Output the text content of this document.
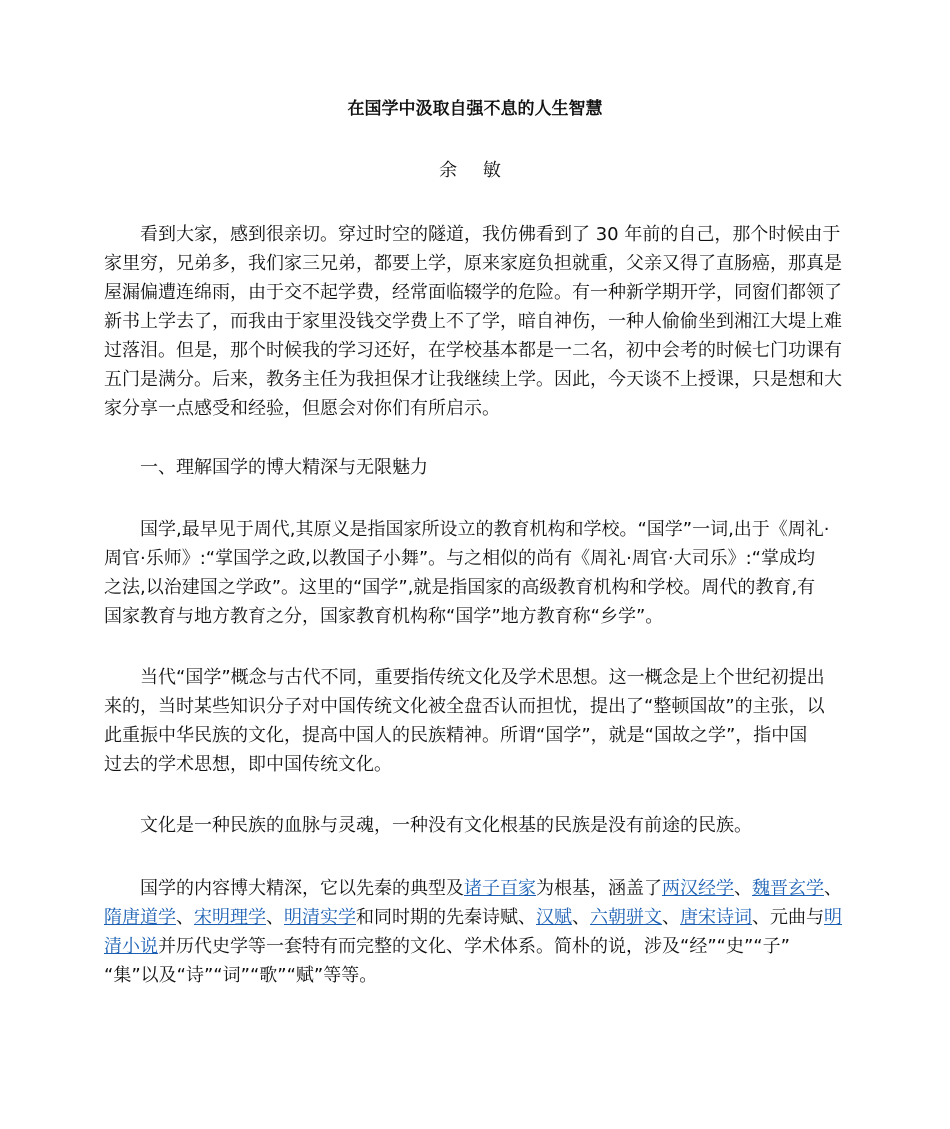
在国学中汲取自强不息的人生智慧
余 敏
看到大家，感到很亲切。穿过时空的隧道，我仿佛看到了 30 年前的自己，那个时候由于
家里穷，兄弟多，我们家三兄弟，都要上学，原来家庭负担就重，父亲又得了直肠癌，那真是
屋漏偏遭连绵雨，由于交不起学费，经常面临辍学的危险。有一种新学期开学，同窗们都领了
新书上学去了，而我由于家里没钱交学费上不了学，暗自神伤，一种人偷偷坐到湘江大堤上难
过落泪。但是，那个时候我的学习还好，在学校基本都是一二名，初中会考的时候七门功课有
五门是满分。后来，教务主任为我担保才让我继续上学。因此，今天谈不上授课，只是想和大
家分享一点感受和经验，但愿会对你们有所启示。
一、理解国学的博大精深与无限魅力
国学,最早见于周代,其原义是指国家所设立的教育机构和学校。“国学”一词,出于《周礼·
周官·乐师》:“掌国学之政,以教国子小舞”。与之相似的尚有《周礼·周官·大司乐》:“掌成均
之法,以治建国之学政”。这里的“国学”,就是指国家的高级教育机构和学校。周代的教育,有
国家教育与地方教育之分，国家教育机构称“国学”地方教育称“乡学”。
当代“国学”概念与古代不同，重要指传统文化及学术思想。这一概念是上个世纪初提出
来的，当时某些知识分子对中国传统文化被全盘否认而担忧，提出了“整顿国故”的主张，以
此重振中华民族的文化，提高中国人的民族精神。所谓“国学”，就是“国故之学”，指中国
过去的学术思想，即中国传统文化。
文化是一种民族的血脉与灵魂，一种没有文化根基的民族是没有前途的民族。
国学的内容博大精深，它以先秦的典型及诸子百家为根基，涵盖了两汉经学、魏晋玄学、
隋唐道学、宋明理学、明清实学和同时期的先秦诗赋、汉赋、六朝骈文、唐宋诗词、元曲与明
清小说并历代史学等一套特有而完整的文化、学术体系。简朴的说，涉及“经”“史”“子”
“集”以及“诗”“词”“歌”“赋”等等。
